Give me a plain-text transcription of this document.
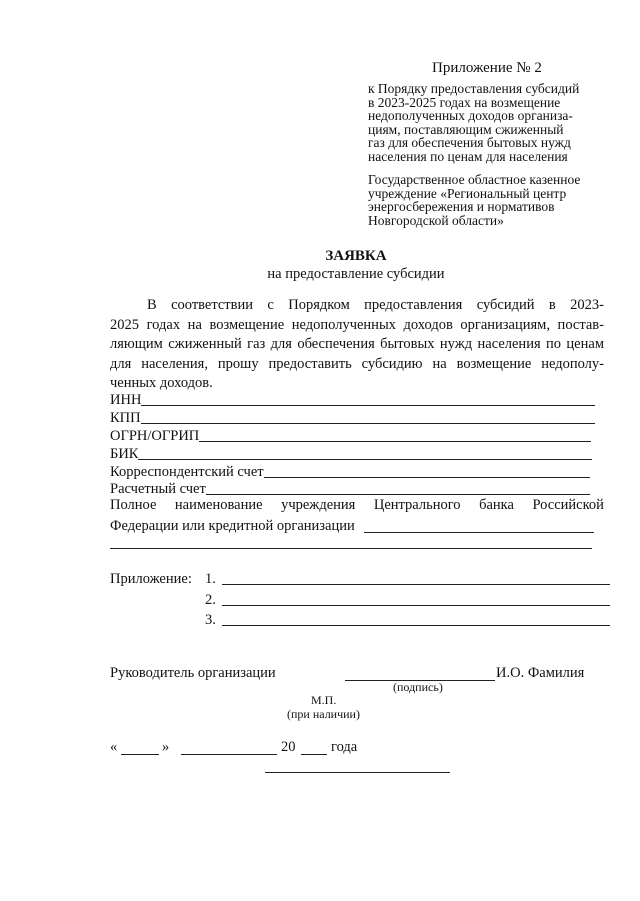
Приложение № 2
к Порядку предоставления субсидий
в 2023-2025 годах на возмещение
недополученных доходов организа-
циям, поставляющим сжиженный
газ для обеспечения бытовых нужд
населения по ценам для населения
Государственное областное казенное
учреждение «Региональный центр
энергосбережения и нормативов
Новгородской области»
ЗАЯВКА
на предоставление субсидии
В соответствии с Порядком предоставления субсидий в 2023-
2025 годах на возмещение недополученных доходов организациям, постав-
ляющим сжиженный газ для обеспечения бытовых нужд населения по ценам
для населения, прошу предоставить субсидию на возмещение недополу-
ченных доходов.
ИНН
КПП
ОГРН/ОГРИП
БИК
Корреспондентский счет
Расчетный счет
Полное наименование учреждения Центрального банка Российской
Федерации или кредитной организации
Приложение: 1.
2.
3.
Руководитель организации	И.О. Фамилия
(подпись)
М.П.
(при наличии)
«	»	20 года
